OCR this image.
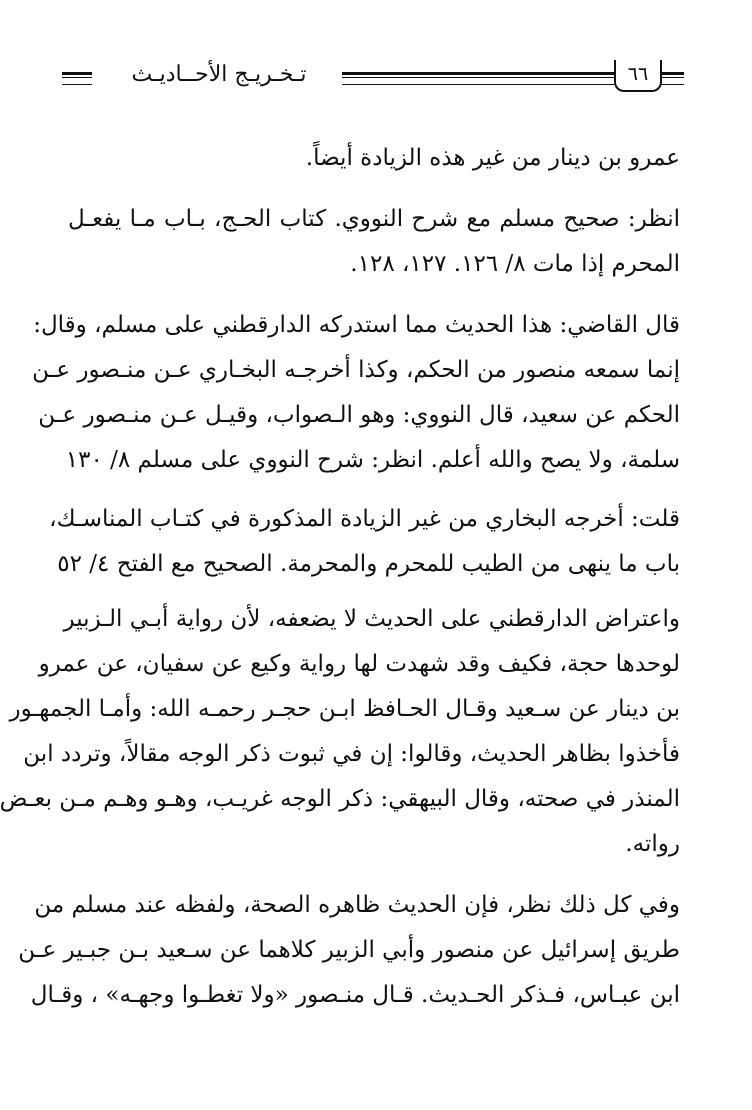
تـخـريـج الأحــاديـث	٦٦
عمرو بن دينار من غير هذه الزيادة أيضاً.
انظر: صحيح مسلم مع شرح النووي. كتاب الحـج، بـاب مـا يفعـل
المحرم إذا مات ٨/ ١٢٦. ١٢٧، ١٢٨.
قال القاضي: هذا الحديث مما استدركه الدارقطني على مسلم، وقال:
إنما سمعه منصور من الحكم، وكذا أخرجـه البخـاري عـن منـصور عـن
الحكم عن سعيد، قال النووي: وهو الـصواب، وقيـل عـن منـصور عـن
سلمة، ولا يصح والله أعلم. انظر: شرح النووي على مسلم ٨/ ١٣٠
قلت: أخرجه البخاري من غير الزيادة المذكورة في كتـاب المناسـك،
باب ما ينهى من الطيب للمحرم والمحرمة. الصحيح مع الفتح ٤/ ٥٢
واعتراض الدارقطني على الحديث لا يضعفه، لأن رواية أبـي الـزبير
لوحدها حجة، فكيف وقد شهدت لها رواية وكيع عن سفيان، عن عمرو
بن دينار عن سـعيد وقـال الحـافظ ابـن حجـر رحمـه الله: وأمـا الجمهـور
فأخذوا بظاهر الحديث، وقالوا: إن في ثبوت ذكر الوجه مقالاً، وتردد ابن
المنذر في صحته، وقال البيهقي: ذكر الوجه غريـب، وهـو وهـم مـن بعـض
رواته.
وفي كل ذلك نظر، فإن الحديث ظاهره الصحة، ولفظه عند مسلم من
طريق إسرائيل عن منصور وأبي الزبير كلاهما عن سـعيد بـن جبـير عـن
ابن عبـاس، فـذكر الحـديث. قـال منـصور «ولا تغطـوا وجهـه» ، وقـال
